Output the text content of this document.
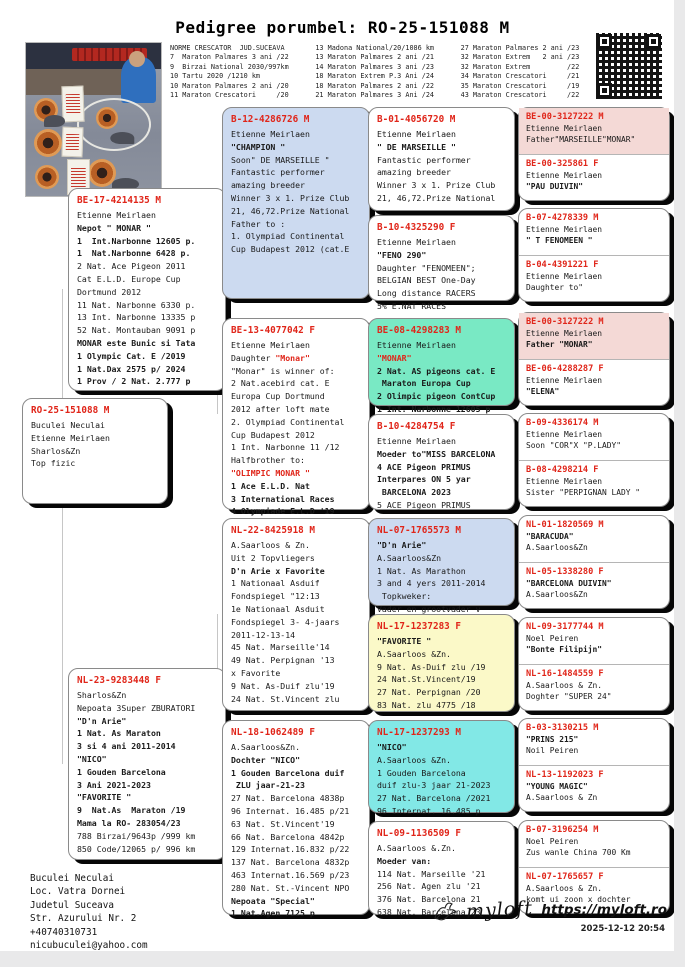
Pedigree porumbel: RO-25-151088 M
NORME CRESCATOR  JUD.SUCEAVA
7  Maraton Palmares 3 ani /22
9  Birzai National 2030/997km
10 Tartu 2020 /1210 km
10 Maraton Palmares 2 ani /20
11 Maraton Crescatori     /20
13 Madona National/20/1086 km
13 Maraton Palmares 2 ani /21
14 Maraton Palmares 3 ani /23
18 Maraton Extrem P.3 Ani /24
18 Maraton Palmares 2 ani /22
21 Maraton Palmares 3 Ani /24
27 Maraton Palmares 2 ani /23
32 Maraton Extrem   2 ani /23
32 Maraton Extrem         /22
34 Maraton Crescatori     /21
35 Maraton Crescatori     /19
43 Maraton Crescatori     /22
BE-17-4214135 M
Etienne Meirlaen
Nepot " MONAR "
1  Int.Narbonne 12605 p.
1  Nat.Narbonne 6428 p.
2 Nat. Ace Pigeon 2011
Cat E.L.D. Europe Cup
Dortmund 2012
11 Nat. Narbonne 6330 p.
13 Int. Narbonne 13335 p
52 Nat. Montauban 9091 p
MONAR este Bunic si Tata
1 Olympic Cat. E /2019
1 Nat.Dax 2575 p/ 2024
1 Prov / 2 Nat. 2.777 p
RO-25-151088 M
Buculei Neculai
Etienne Meirlaen
Sharlos&Zn
Top fizic
NL-23-9283448 F
Sharlos&Zn
Nepoata 3Super ZBURATORI
"D'n Arie"
1 Nat. As Maraton
3 si 4 ani 2011-2014
"NICO"
1 Gouden Barcelona
3 Ani 2021-2023
"FAVORITE "
9  Nat.As  Maraton /19
Mama la RO- 283054/23
788 Birzai/9643p /999 km
850 Code/12065 p/ 996 km
B-12-4286726 M
Etienne Meirlaen
"CHAMPION "
Soon" DE MARSEILLE "
Fantastic performer
amazing breeder
Winner 3 x 1. Prize Club
21, 46,72.Prize National
Father to :
1. Olympiad Continental
Cup Budapest 2012 (cat.E
BE-13-4077042 F
Etienne Meirlaen
Daughter "Monar"
"Monar" is winner of:
2 Nat.acebird cat. E
Europa Cup Dortmund
2012 after loft mate
2. Olympiad Continental
Cup Budapest 2012
1 Int. Narbonne 11 /12
Halfbrother to:
"OLIMPIC MONAR "
1 Ace E.L.D. Nat
3 International Races
4 Olympiade E.L.D '19
NL-22-8425918 M
A.Saarloos & Zn.
Uit 2 Topvliegers
D'n Arie x Favorite
1 Nationaal Asduif
Fondspiegel "12:13
1e Nationaal Asduit
Fondspiegel 3- 4-jaars
2011-12-13-14
45 Nat. Marseille'14
49 Nat. Perpignan '13
x Favorite
9 Nat. As-Duif zlu'19
24 Nat. St.Vincent zlu
NL-18-1062489 F
A.Saarloos&Zn.
Dochter "NICO"
1 Gouden Barcelona duif
ZLU jaar-21-23
27 Nat. Barcelona 4838p
96 Internat. 16.485 p/21
63 Nat. St.Vincent'19
66 Nat. Barcelona 4842p
129 Internat.16.832 p/22
137 Nat. Barcelona 4832p
463 Internat.16.569 p/23
280 Nat. St.-Vincent NPO
Nepoata "Special"
1 Nat.Agen 7125 p
B-01-4056720 M
Etienne Meirlaen
" DE MARSEILLE "
Fantastic performer
amazing breeder
Winner 3 x 1. Prize Club
21, 46,72.Prize National
B-10-4325290 F
Etienne Meirlaen
"FENO 290"
Daughter "FENOMEEN";
BELGIAN BEST One-Day
Long distance RACERS
5% E.NAT RACES
BE-08-4298283 M
Etienne Meirlaen
"MONAR"
2 Nat. AS pigeons cat. E
Maraton Europa Cup
2 Olimpic pigeon ContCup
1 Int. Narbonne 12605 p
B-10-4284754 F
Etienne Meirlaen
Moeder to"MISS BARCELONA
4 ACE Pigeon PRIMUS
Interpares ON 5 yar
BARCELONA 2023
5 ACE Pigeon PRIMUS
NL-07-1765573 M
"D'n Arie"
A.Saarloos&Zn
1 Nat. As Marathon
3 and 4 yers 2011-2014
Topkweker:
Vader en grootvader v
NL-17-1237283 F
"FAVORITE "
A.Saarloos &Zn.
9 Nat. As-Duif zlu /19
24 Nat.St.Vincent/19
27 Nat. Perpignan /20
83 Nat. zlu 4775 /18
NL-17-1237293 M
"NICO"
A.Saarloos &Zn.
1 Gouden Barcelona
duif zlu-3 jaar 21-2023
27 Nat. Barcelona /2021
96 Internat. 16.485 p
NL-09-1136509 F
A.Saarloos &.Zn.
Moeder van:
114 Nat. Marseille '21
256 Nat. Agen zlu '21
376 Nat. Barcelona 21
638 Nat. Barcelona 23
BE-00-3127222 M
Etienne Meirlaen
Father"MARSEILLE"MONAR"
BE-00-325861 F
Etienne Meirlaen
"PAU DUIVIN"
B-07-4278339 M
Etienne Meirlaen
" T FENOMEEN "
B-04-4391221 F
Etienne Meirlaen
Daughter to"
BE-00-3127222 M
Etienne Meirlaen
Father "MONAR"
BE-06-4288287 F
Etienne Meirlaen
"ELENA"
B-09-4336174 M
Etienne Meirlaen
Soon "COR"X "P.LADY"
B-08-4298214 F
Etienne Meirlaen
Sister "PERPIGNAN LADY "
NL-01-1820569 M
"BARACUDA"
A.Saarloos&Zn
NL-05-1338280 F
"BARCELONA DUIVIN"
A.Saarloos&Zn
NL-09-3177744 M
Noel Peiren
"Bonte Filipijn"
NL-16-1484559 F
A.Saarloos & Zn.
Doghter "SUPER 24"
B-03-3130215 M
"PRINS 215"
Noil Peiren
NL-13-1192023 F
"YOUNG MAGIC"
A.Saarloos & Zn
B-07-3196254 M
Noel Peiren
Zus wanle China 700 Km
NL-07-1765657 F
A.Saarloos & Zn.
komt ui zoon x dochter
Buculei Neculai
Loc. Vatra Dornei
Judetul Suceava
Str. Azurului Nr. 2
+40740310731
nicubuculei@yahoo.com
myloft https://myloft.ro
2025-12-12 20:54
